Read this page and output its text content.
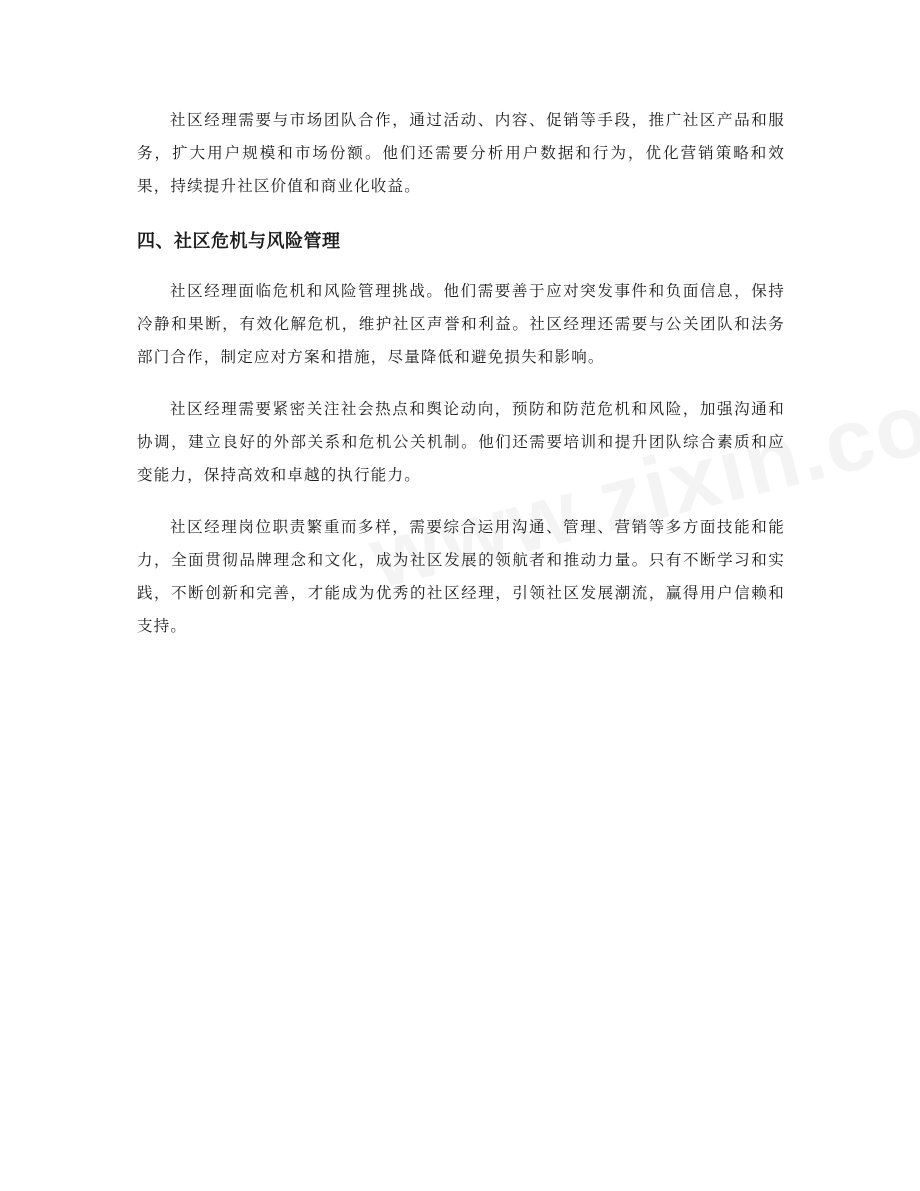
社区经理需要与市场团队合作，通过活动、内容、促销等手段，推广社区产品和服务，扩大用户规模和市场份额。他们还需要分析用户数据和行为，优化营销策略和效果，持续提升社区价值和商业化收益。

四、社区危机与风险管理

社区经理面临危机和风险管理挑战。他们需要善于应对突发事件和负面信息，保持冷静和果断，有效化解危机，维护社区声誉和利益。社区经理还需要与公关团队和法务部门合作，制定应对方案和措施，尽量降低和避免损失和影响。

社区经理需要紧密关注社会热点和舆论动向，预防和防范危机和风险，加强沟通和协调，建立良好的外部关系和危机公关机制。他们还需要培训和提升团队综合素质和应变能力，保持高效和卓越的执行能力。

社区经理岗位职责繁重而多样，需要综合运用沟通、管理、营销等多方面技能和能力，全面贯彻品牌理念和文化，成为社区发展的领航者和推动力量。只有不断学习和实践，不断创新和完善，才能成为优秀的社区经理，引领社区发展潮流，赢得用户信赖和支持。
